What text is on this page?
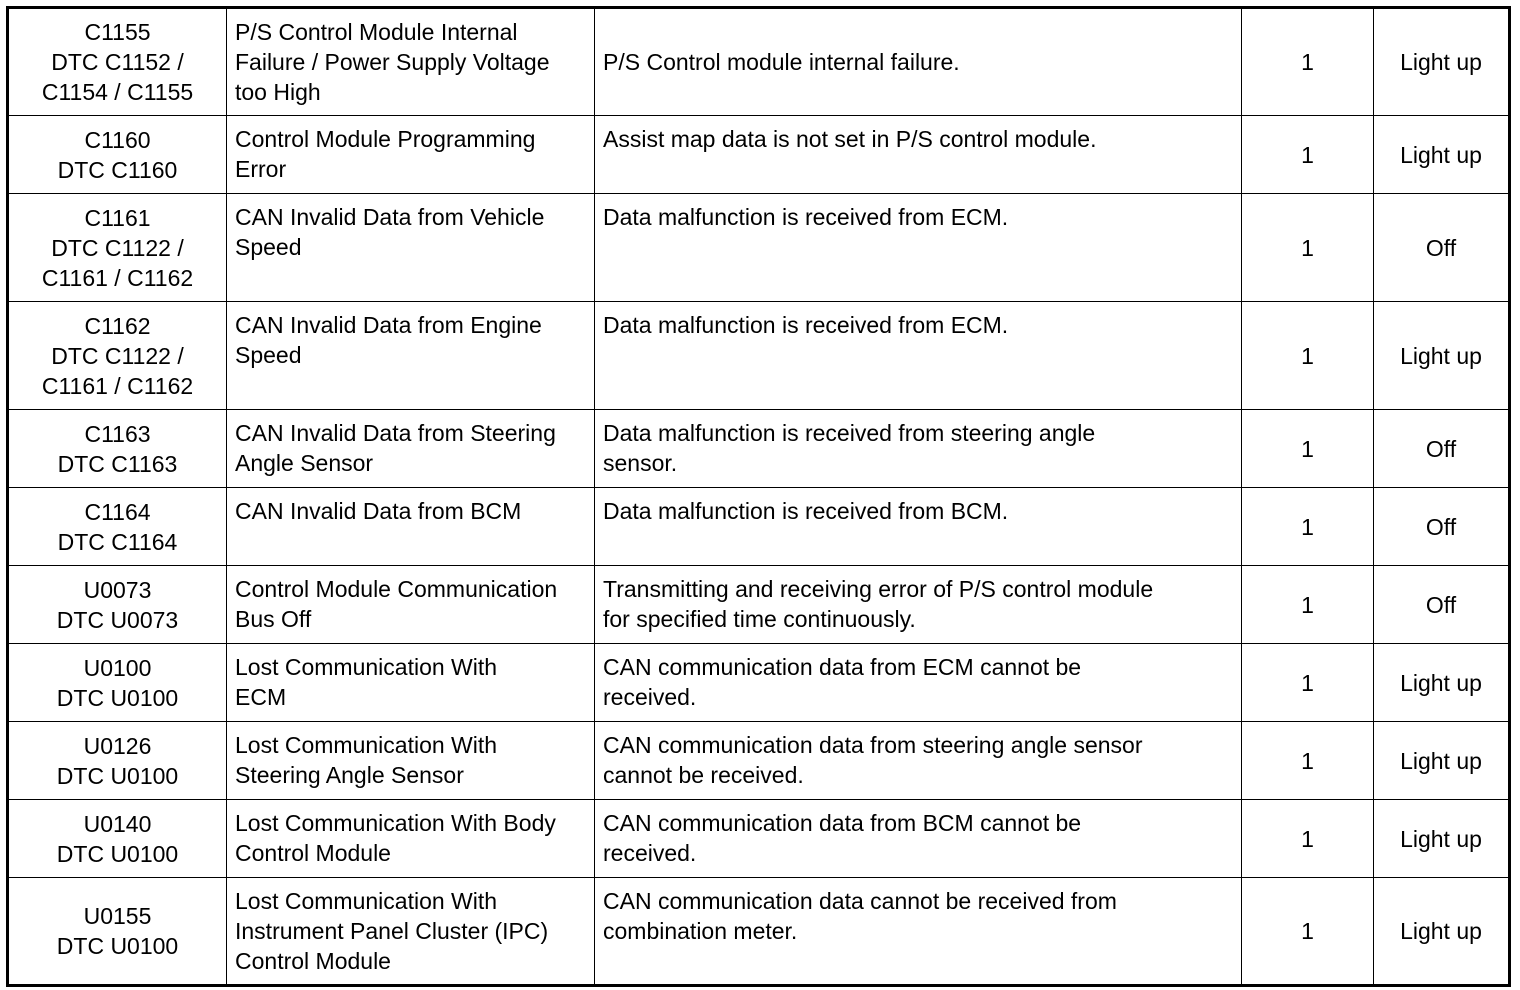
C1155
DTC C1152 /
C1154 / C1155	P/S Control Module Internal
Failure / Power Supply Voltage
too High	P/S Control module internal failure.	1	Light up
C1160
DTC C1160	Control Module Programming
Error	Assist map data is not set in P/S control module.	1	Light up
C1161
DTC C1122 /
C1161 / C1162	CAN Invalid Data from Vehicle
Speed	Data malfunction is received from ECM.	1	Off
C1162
DTC C1122 /
C1161 / C1162	CAN Invalid Data from Engine
Speed	Data malfunction is received from ECM.	1	Light up
C1163
DTC C1163	CAN Invalid Data from Steering
Angle Sensor	Data malfunction is received from steering angle
sensor.	1	Off
C1164
DTC C1164	CAN Invalid Data from BCM	Data malfunction is received from BCM.	1	Off
U0073
DTC U0073	Control Module Communication
Bus Off	Transmitting and receiving error of P/S control module
for specified time continuously.	1	Off
U0100
DTC U0100	Lost Communication With
ECM	CAN communication data from ECM cannot be
received.	1	Light up
U0126
DTC U0100	Lost Communication With
Steering Angle Sensor	CAN communication data from steering angle sensor
cannot be received.	1	Light up
U0140
DTC U0100	Lost Communication With Body
Control Module	CAN communication data from BCM cannot be
received.	1	Light up
U0155
DTC U0100	Lost Communication With
Instrument Panel Cluster (IPC)
Control Module	CAN communication data cannot be received from
combination meter.	1	Light up
